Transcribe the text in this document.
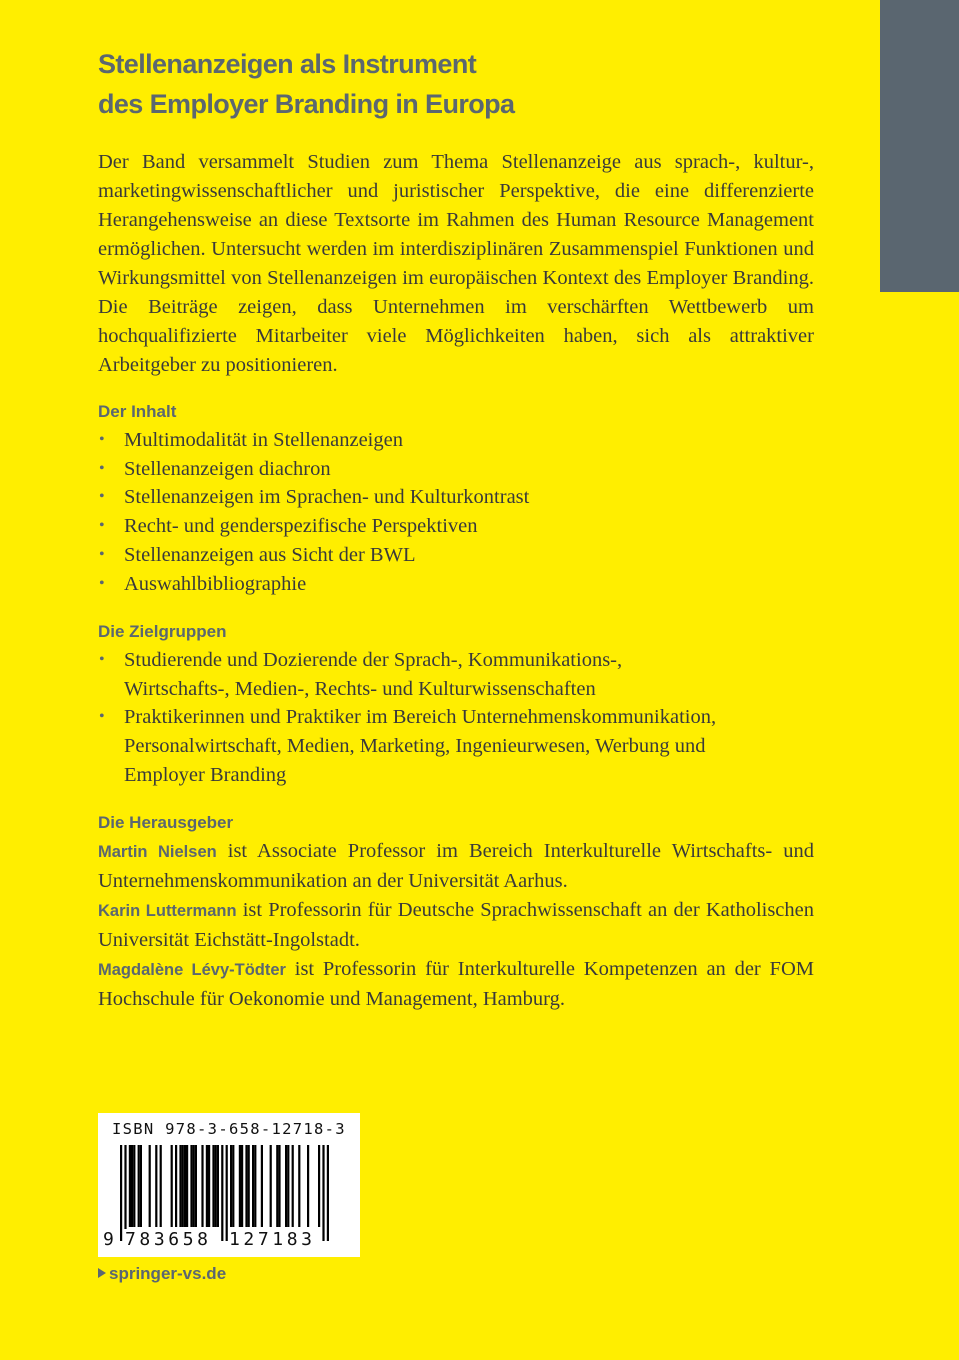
Stellenanzeigen als Instrument
des Employer Branding in Europa

Der Band versammelt Studien zum Thema Stellenanzeige aus sprach-, kultur-, marketingwissenschaftlicher und juristischer Perspektive, die eine differenzierte Herangehensweise an diese Textsorte im Rahmen des Human Resource Management ermöglichen. Untersucht werden im interdisziplinären Zusammenspiel Funktionen und Wirkungsmittel von Stellenanzeigen im europäischen Kontext des Employer Branding. Die Beiträge zeigen, dass Unternehmen im verschärften Wettbewerb um hochqualifizierte Mitarbeiter viele Möglichkeiten haben, sich als attraktiver Arbeitgeber zu positionieren.

Der Inhalt
• Multimodalität in Stellenanzeigen
• Stellenanzeigen diachron
• Stellenanzeigen im Sprachen- und Kulturkontrast
• Recht- und genderspezifische Perspektiven
• Stellenanzeigen aus Sicht der BWL
• Auswahlbibliographie
Die Zielgruppen
• Studierende und Dozierende der Sprach-, Kommunikations-, Wirtschafts-, Medien-, Rechts- und Kulturwissenschaften
• Praktikerinnen und Praktiker im Bereich Unternehmenskommunikation, Personalwirtschaft, Medien, Marketing, Ingenieurwesen, Werbung und Employer Branding
Die Herausgeber

Martin Nielsen ist Associate Professor im Bereich Interkulturelle Wirtschafts- und Unternehmenskommunikation an der Universität Aarhus.

Karin Luttermann ist Professorin für Deutsche Sprachwissenschaft an der Katholischen Universität Eichstätt-Ingolstadt.

Magdalène Lévy-Tödter ist Professorin für Interkulturelle Kompetenzen an der FOM Hochschule für Oekonomie und Management, Hamburg.

ISBN 978-3-658-12718-3
9 783658 127183
springer-vs.de
